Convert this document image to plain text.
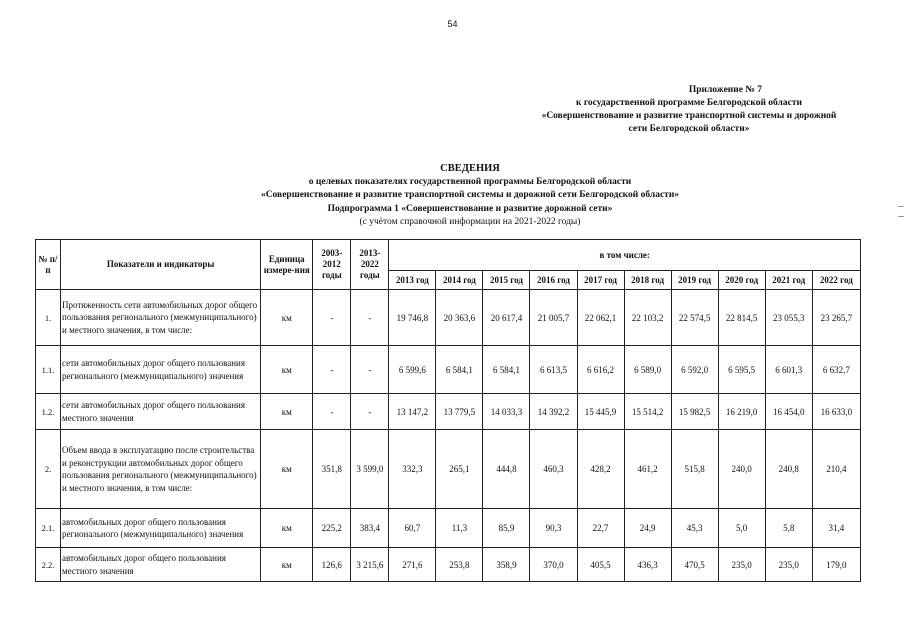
54
Приложение № 7
к государственной программе Белгородской области
«Совершенствование и развитие транспортной системы и дорожной
сети Белгородской области»
СВЕДЕНИЯ
о целевых показателях государственной программы Белгородской области
«Совершенствование и развитие транспортной системы и дорожной сети Белгородской области»
Подпрограмма 1 «Совершенствование и развитие дорожной сети»
(с учётом справочной информации на 2021-2022 годы)
№ п/п	Показатели и индикаторы	Единица измере-ния	2003- 2012 годы	2013- 2022 годы	в том числе:									
					2013 год	2014 год	2015 год	2016 год	2017 год	2018 год	2019 год	2020 год	2021 год	2022 год
1.	Протяженность сети автомобильных дорог общего пользования регионального (межмуниципального) и местного значения, в том числе:	км	-	-	19 746,8	20 363,6	20 617,4	21 005,7	22 062,1	22 103,2	22 574,5	22 814,5	23 055,3	23 265,7
1.1.	сети автомобильных дорог общего пользования регионального (межмуниципального) значения	км	-	-	6 599,6	6 584,1	6 584,1	6 613,5	6 616,2	6 589,0	6 592,0	6 595,5	6 601,3	6 632,7
1.2.	сети автомобильных дорог общего пользования местного значения	км	-	-	13 147,2	13 779,5	14 033,3	14 392,2	15 445,9	15 514,2	15 982,5	16 219,0	16 454,0	16 633,0
2.	Объем ввода в эксплуатацию после строительства и реконструкции автомобильных дорог общего пользования регионального (межмуниципального) и местного значения, в том числе:	км	351,8	3 599,0	332,3	265,1	444,8	460,3	428,2	461,2	515,8	240,0	240,8	210,4
2.1.	автомобильных дорог общего пользования регионального (межмуниципального) значения	км	225,2	383,4	60,7	11,3	85,9	90,3	22,7	24,9	45,3	5,0	5,8	31,4
2.2.	автомобильных дорог общего пользования местного значения	км	126,6	3 215,6	271,6	253,8	358,9	370,0	405,5	436,3	470,5	235,0	235,0	179,0
